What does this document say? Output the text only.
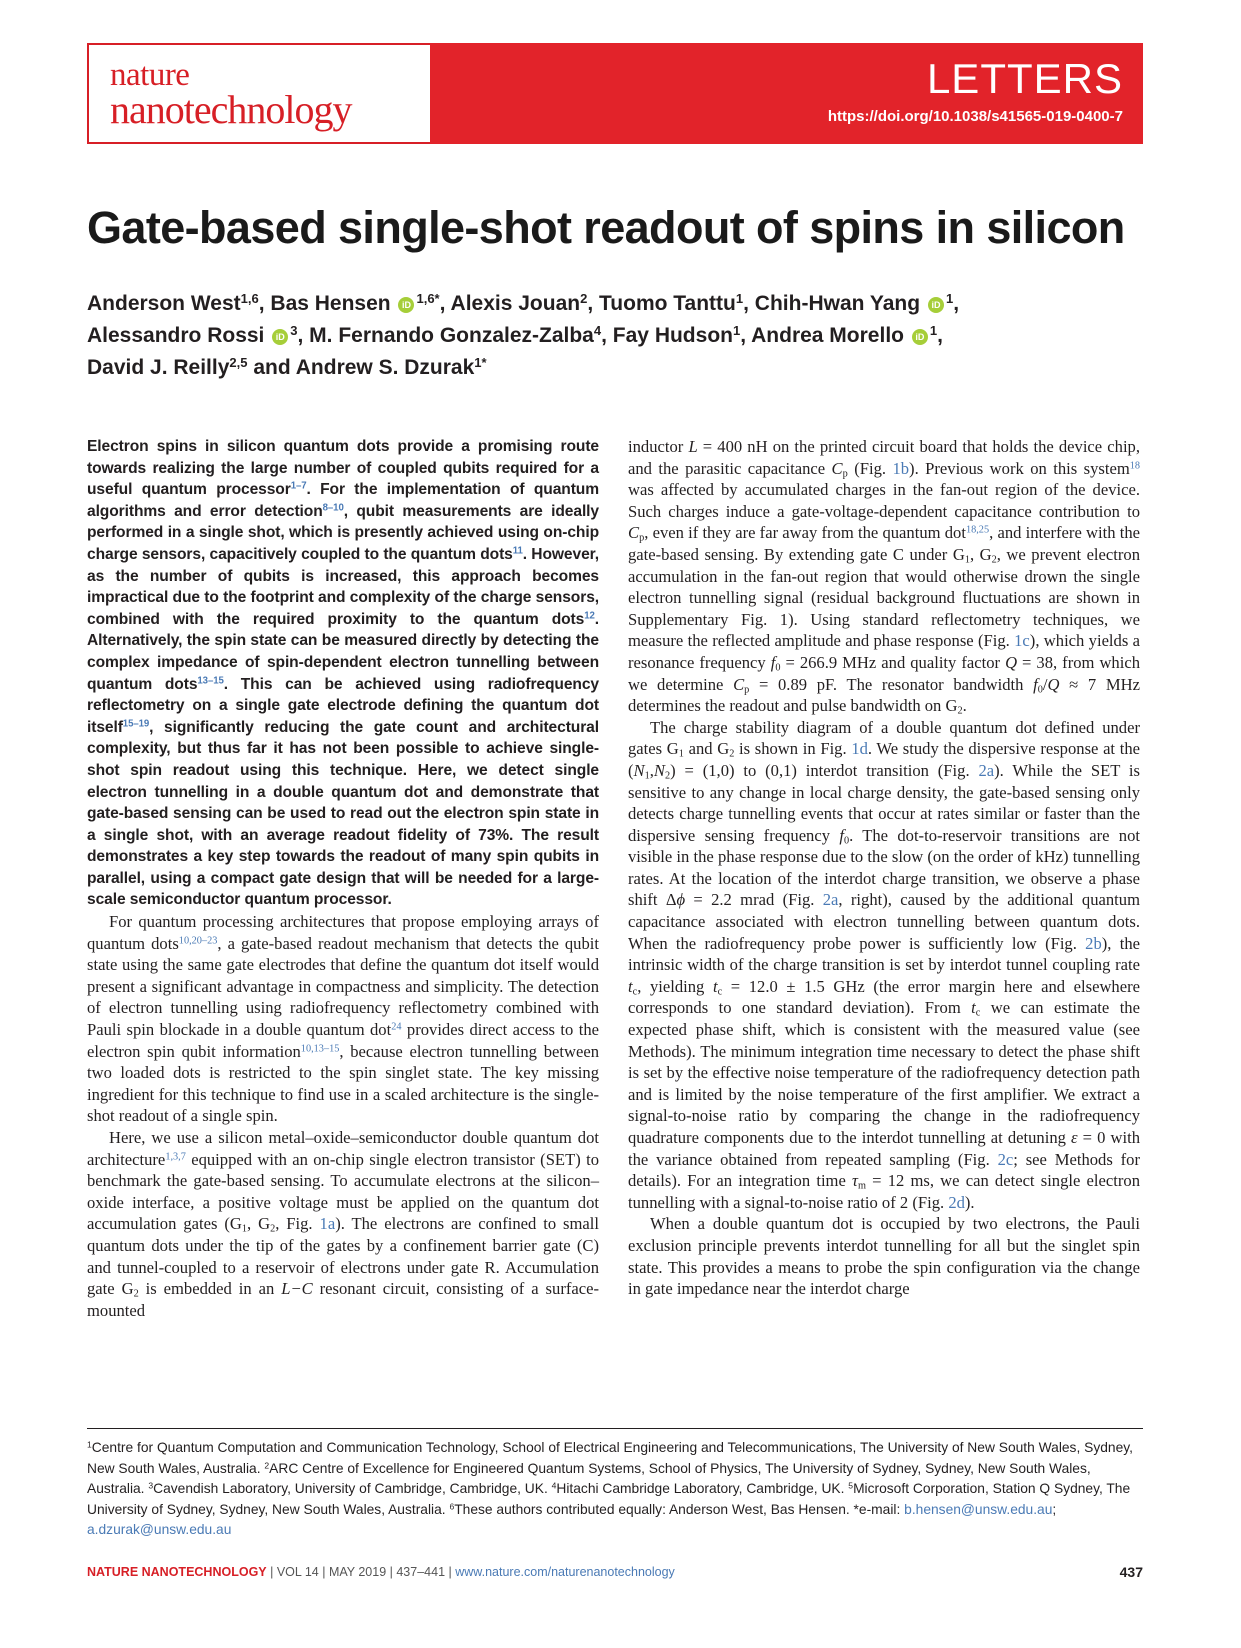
nature
nanotechnology
LETTERS
https://doi.org/10.1038/s41565-019-0400-7
Gate-based single-shot readout of spins in silicon
Anderson West$^{1,6}$, Bas Hensen iD $^{1,6*}$, Alexis Jouan$^2$, Tuomo Tanttu$^1$, Chih-Hwan Yang iD $^1$,
Alessandro Rossi iD $^3$, M. Fernando Gonzalez-Zalba$^4$, Fay Hudson$^1$, Andrea Morello iD $^1$,
David J. Reilly$^{2,5}$ and Andrew S. Dzurak$^{1*}$

Electron spins in silicon quantum dots provide a promising route towards realizing the large number of coupled qubits required for a useful quantum processor$^{1-7}$. For the implementation of quantum algorithms and error detection$^{8-10}$, qubit measurements are ideally performed in a single shot, which is presently achieved using on-chip charge sensors, capacitively coupled to the quantum dots$^{11}$. However, as the number of qubits is increased, this approach becomes impractical due to the footprint and complexity of the charge sensors, combined with the required proximity to the quantum dots$^{12}$. Alternatively, the spin state can be measured directly by detecting the complex impedance of spin-dependent electron tunnelling between quantum dots$^{13-15}$. This can be achieved using radiofrequency reflectometry on a single gate electrode defining the quantum dot itself$^{15-19}$, significantly reducing the gate count and architectural complexity, but thus far it has not been possible to achieve single-shot spin readout using this technique. Here, we detect single electron tunnelling in a double quantum dot and demonstrate that gate-based sensing can be used to read out the electron spin state in a single shot, with an average readout fidelity of 73%. The result demonstrates a key step towards the readout of many spin qubits in parallel, using a compact gate design that will be needed for a large-scale semiconductor quantum processor.

For quantum processing architectures that propose employing arrays of quantum dots$^{10,20-23}$, a gate-based readout mechanism that detects the qubit state using the same gate electrodes that define the quantum dot itself would present a significant advantage in compactness and simplicity. The detection of electron tunnelling using radiofrequency reflectometry combined with Pauli spin blockade in a double quantum dot$^{24}$ provides direct access to the electron spin qubit information$^{10,13-15}$, because electron tunnelling between two loaded dots is restricted to the spin singlet state. The key missing ingredient for this technique to find use in a scaled architecture is the single-shot readout of a single spin.

Here, we use a silicon metal–oxide–semiconductor double quantum dot architecture$^{1,3,7}$ equipped with an on-chip single electron transistor (SET) to benchmark the gate-based sensing. To accumulate electrons at the silicon–oxide interface, a positive voltage must be applied on the quantum dot accumulation gates ($G_1$, $G_2$, Fig. 1a). The electrons are confined to small quantum dots under the tip of the gates by a confinement barrier gate (C) and tunnel-coupled to a reservoir of electrons under gate R. Accumulation gate $G_2$ is embedded in an L−C resonant circuit, consisting of a surface-mounted

inductor L = 400 nH on the printed circuit board that holds the device chip, and the parasitic capacitance $C_p$ (Fig. 1b). Previous work on this system$^{18}$ was affected by accumulated charges in the fan-out region of the device. Such charges induce a gate-voltage-dependent capacitance contribution to $C_p$, even if they are far away from the quantum dot$^{18,25}$, and interfere with the gate-based sensing. By extending gate C under $G_1$, $G_2$, we prevent electron accumulation in the fan-out region that would otherwise drown the single electron tunnelling signal (residual background fluctuations are shown in Supplementary Fig. 1). Using standard reflectometry techniques, we measure the reflected amplitude and phase response (Fig. 1c), which yields a resonance frequency $f_0 = 266.9$ MHz and quality factor Q = 38, from which we determine $C_p = 0.89$ pF. The resonator bandwidth $f_0/Q \approx 7$ MHz determines the readout and pulse bandwidth on $G_2$.

The charge stability diagram of a double quantum dot defined under gates $G_1$ and $G_2$ is shown in Fig. 1d. We study the dispersive response at the $(N_1,N_2) = (1,0)$ to (0,1) interdot transition (Fig. 2a). While the SET is sensitive to any change in local charge density, the gate-based sensing only detects charge tunnelling events that occur at rates similar or faster than the dispersive sensing frequency $f_0$. The dot-to-reservoir transitions are not visible in the phase response due to the slow (on the order of kHz) tunnelling rates. At the location of the interdot charge transition, we observe a phase shift Δϕ = 2.2 mrad (Fig. 2a, right), caused by the additional quantum capacitance associated with electron tunnelling between quantum dots. When the radiofrequency probe power is sufficiently low (Fig. 2b), the intrinsic width of the charge transition is set by interdot tunnel coupling rate $t_c$, yielding $t_c = 12.0 \pm 1.5$ GHz (the error margin here and elsewhere corresponds to one standard deviation). From $t_c$ we can estimate the expected phase shift, which is consistent with the measured value (see Methods). The minimum integration time necessary to detect the phase shift is set by the effective noise temperature of the radiofrequency detection path and is limited by the noise temperature of the first amplifier. We extract a signal-to-noise ratio by comparing the change in the radiofrequency quadrature components due to the interdot tunnelling at detuning ε = 0 with the variance obtained from repeated sampling (Fig. 2c; see Methods for details). For an integration time $\tau_m = 12$ ms, we can detect single electron tunnelling with a signal-to-noise ratio of 2 (Fig. 2d).

When a double quantum dot is occupied by two electrons, the Pauli exclusion principle prevents interdot tunnelling for all but the singlet spin state. This provides a means to probe the spin configuration via the change in gate impedance near the interdot charge

$^1$Centre for Quantum Computation and Communication Technology, School of Electrical Engineering and Telecommunications, The University of New South Wales, Sydney, New South Wales, Australia. $^2$ARC Centre of Excellence for Engineered Quantum Systems, School of Physics, The University of Sydney, Sydney, New South Wales, Australia. $^3$Cavendish Laboratory, University of Cambridge, Cambridge, UK. $^4$Hitachi Cambridge Laboratory, Cambridge, UK. $^5$Microsoft Corporation, Station Q Sydney, The University of Sydney, Sydney, New South Wales, Australia. $^6$These authors contributed equally: Anderson West, Bas Hensen. *e-mail: b.hensen@unsw.edu.au; a.dzurak@unsw.edu.au
NATURE NANOTECHNOLOGY | VOL 14 | MAY 2019 | 437–441 | www.nature.com/naturenanotechnology	437
